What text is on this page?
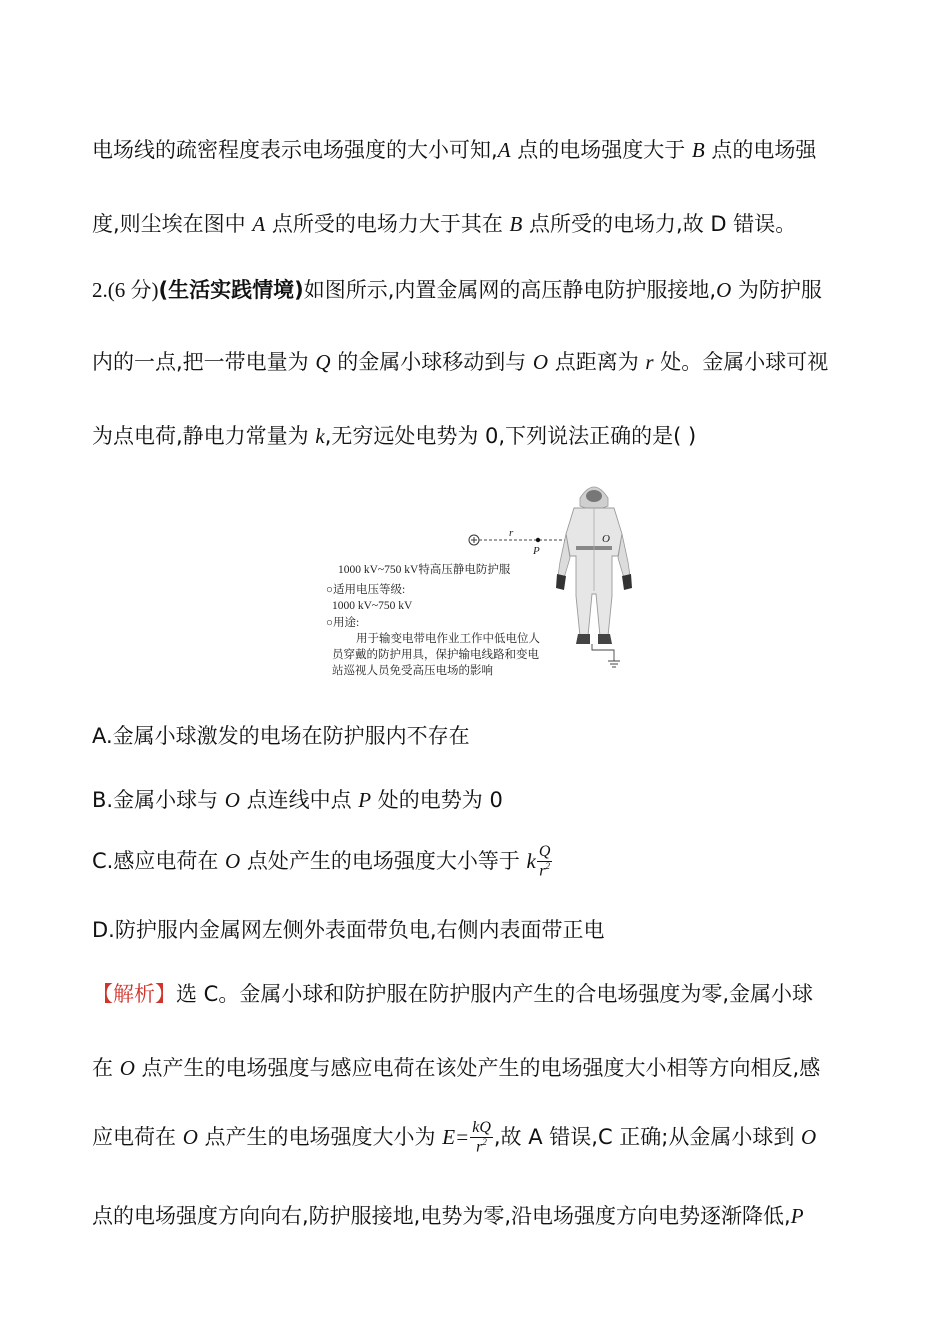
电场线的疏密程度表示电场强度的大小可知,A 点的电场强度大于 B 点的电场强
度,则尘埃在图中 A 点所受的电场力大于其在 B 点所受的电场力,故 D 错误。
2.(6 分)(生活实践情境)如图所示,内置金属网的高压静电防护服接地,O 为防护服
内的一点,把一带电量为 Q 的金属小球移动到与 O 点距离为 r 处。金属小球可视
为点电荷,静电力常量为 k,无穷远处电势为 0,下列说法正确的是( )
r
P
O
1000 kV~750 kV特高压静电防护服
○适用电压等级:
1000 kV~750 kV
○用途:
用于输变电带电作业工作中低电位人
员穿戴的防护用具，保护输电线路和变电
站巡视人员免受高压电场的影响
A.金属小球激发的电场在防护服内不存在
B.金属小球与 O 点连线中点 P 处的电势为 0
C.感应电荷在 O 点处产生的电场强度大小等于 k $\frac{Q}{r^2}$
D.防护服内金属网左侧外表面带负电,右侧内表面带正电
【解析】选 C。金属小球和防护服在防护服内产生的合电场强度为零,金属小球
在 O 点产生的电场强度与感应电荷在该处产生的电场强度大小相等方向相反,感
应电荷在 O 点产生的电场强度大小为 $E= \frac{kQ}{r^2}$ ,故 A 错误,C 正确;从金属小球到 O
点的电场强度方向向右,防护服接地,电势为零,沿电场强度方向电势逐渐降低,P
